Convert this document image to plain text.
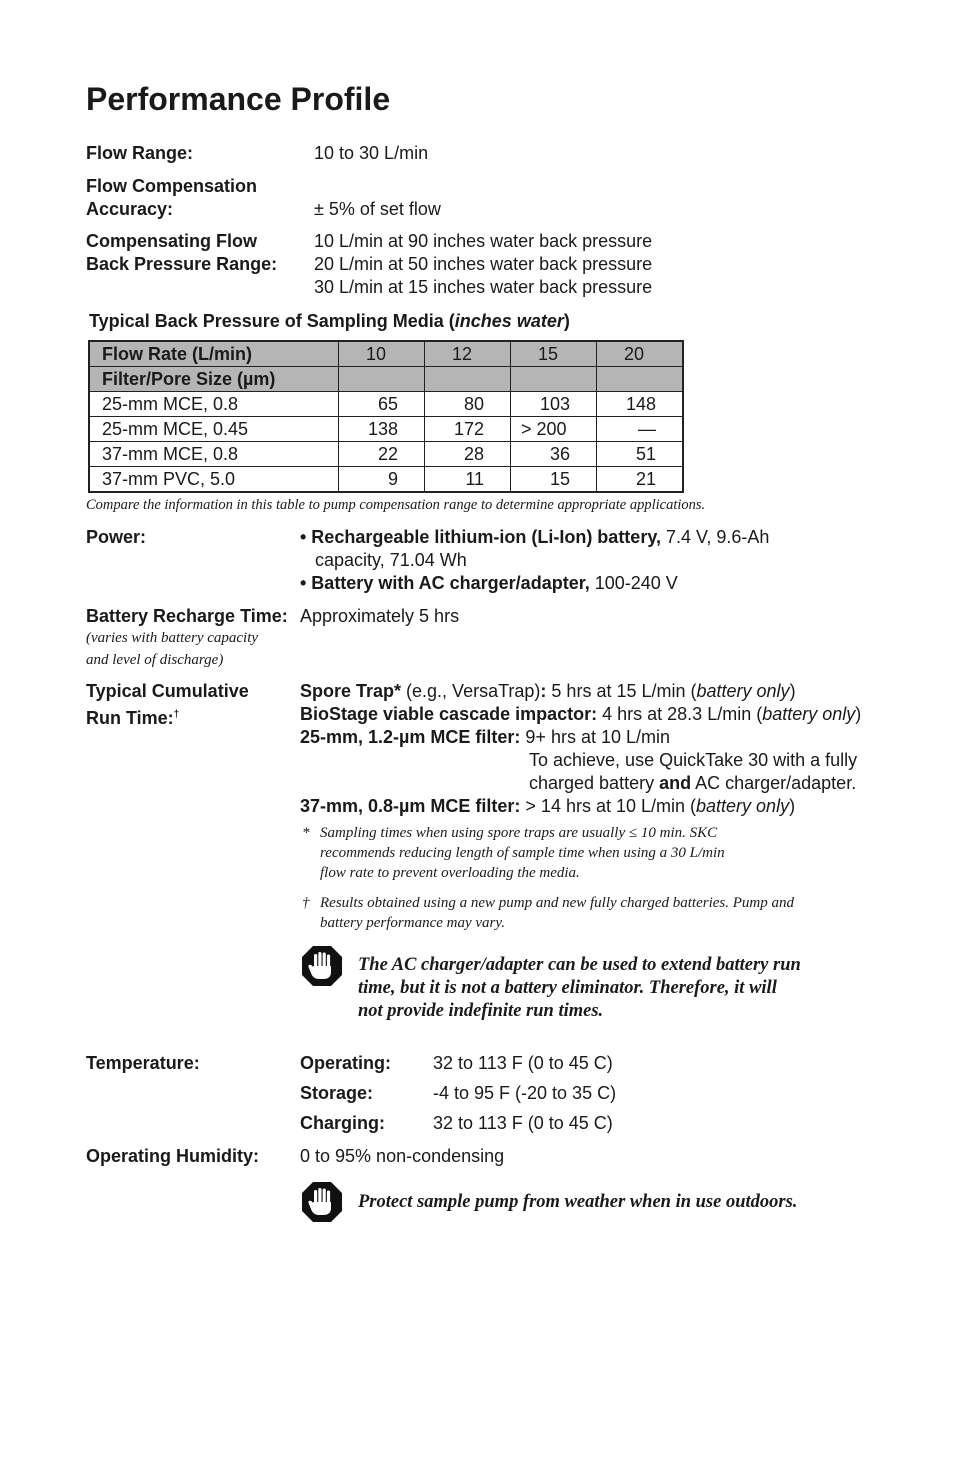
Performance Profile
Flow Range:	10 to 30 L/min
Flow Compensation
Accuracy:	± 5% of set flow
Compensating Flow
Back Pressure Range:
10 L/min at 90 inches water back pressure
20 L/min at 50 inches water back pressure
30 L/min at 15 inches water back pressure
Typical Back Pressure of Sampling Media (inches water)
Flow Rate (L/min)	10	12	15	20
Filter/Pore Size (µm)				
25-mm MCE, 0.8	65	80	103	148
25-mm MCE, 0.45	138	172	> 200	—
37-mm MCE, 0.8	22	28	36	51
37-mm PVC, 5.0	9	11	15	21
Compare the information in this table to pump compensation range to determine appropriate applications.
Power:	• Rechargeable lithium-ion (Li-Ion) battery, 7.4 V, 9.6-Ah
capacity, 71.04 Wh
• Battery with AC charger/adapter, 100-240 V
Battery Recharge Time: Approximately 5 hrs
(varies with battery capacity
and level of discharge)
Typical Cumulative
Run Time:†
Spore Trap* (e.g., VersaTrap): 5 hrs at 15 L/min (battery only)
BioStage viable cascade impactor: 4 hrs at 28.3 L/min (battery only)
25-mm, 1.2-µm MCE filter: 9+ hrs at 10 L/min
To achieve, use QuickTake 30 with a fully
charged battery and AC charger/adapter.
37-mm, 0.8-µm MCE filter: > 14 hrs at 10 L/min (battery only)
* Sampling times when using spore traps are usually ≤ 10 min. SKC
recommends reducing length of sample time when using a 30 L/min
flow rate to prevent overloading the media.
† Results obtained using a new pump and new fully charged batteries. Pump and
battery performance may vary.
The AC charger/adapter can be used to extend battery run
time, but it is not a battery eliminator. Therefore, it will
not provide indefinite run times.
Temperature:	Operating: 32 to 113 F (0 to 45 C)
Storage:	-4 to 95 F (-20 to 35 C)
Charging:	32 to 113 F (0 to 45 C)
Operating Humidity: 0 to 95% non-condensing
Protect sample pump from weather when in use outdoors.
